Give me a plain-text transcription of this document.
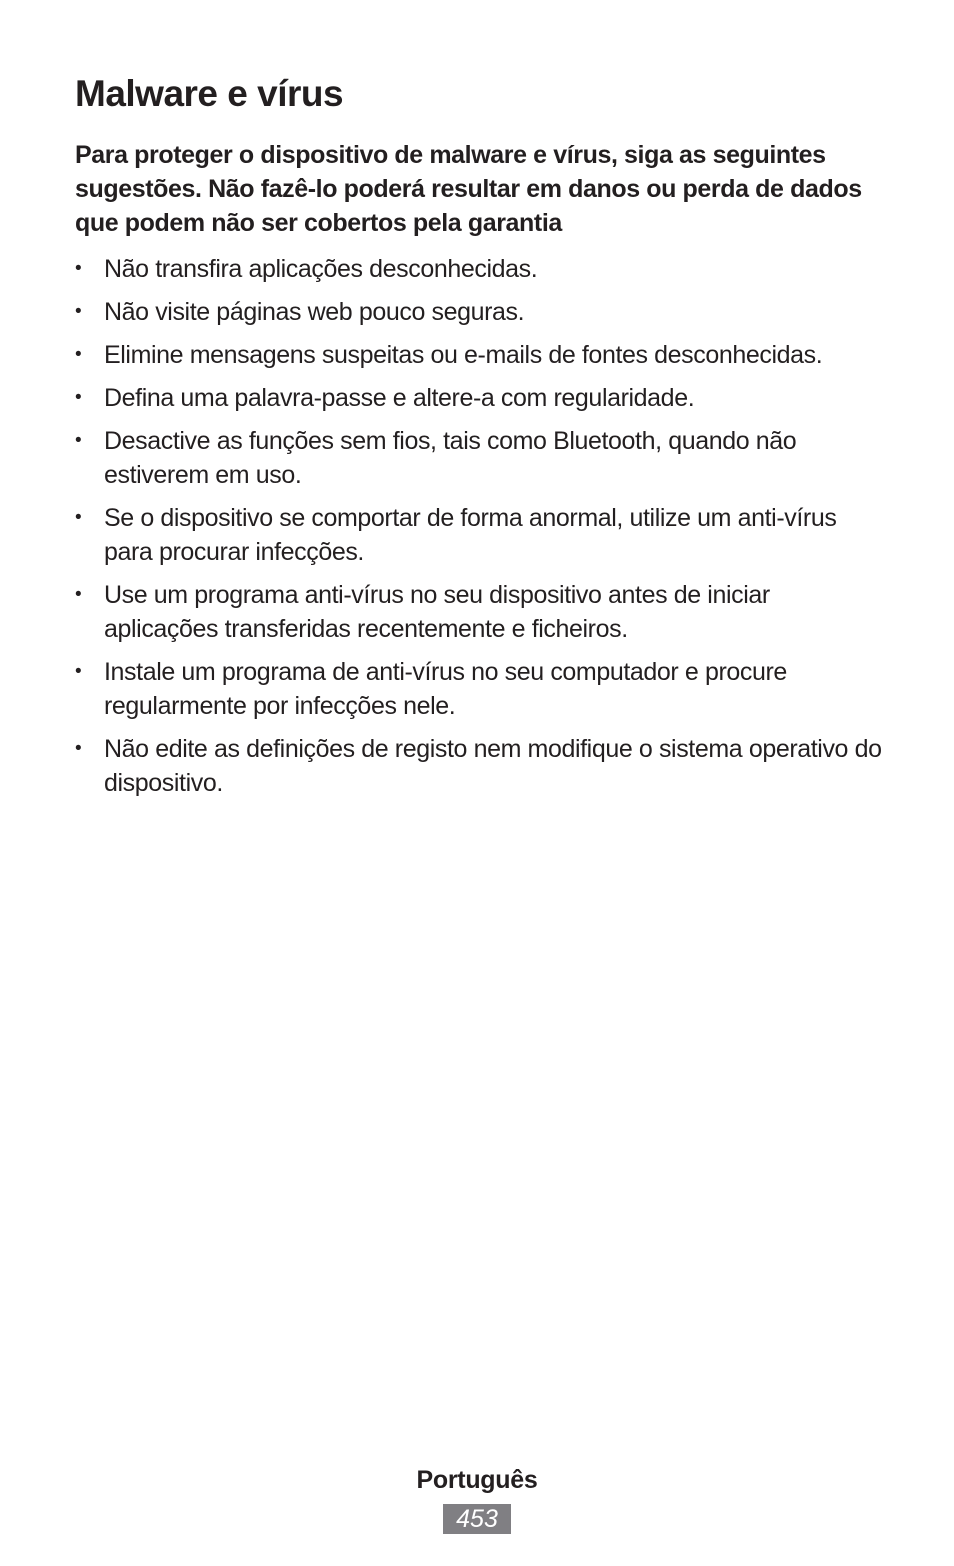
Malware e vírus

Para proteger o dispositivo de malware e vírus, siga as seguintes sugestões. Não fazê-lo poderá resultar em danos ou perda de dados que podem não ser cobertos pela garantia

• Não transfira aplicações desconhecidas.
• Não visite páginas web pouco seguras.
• Elimine mensagens suspeitas ou e-mails de fontes desconhecidas.
• Defina uma palavra-passe e altere-a com regularidade.
• Desactive as funções sem fios, tais como Bluetooth, quando não estiverem em uso.
• Se o dispositivo se comportar de forma anormal, utilize um anti-vírus para procurar infecções.
• Use um programa anti-vírus no seu dispositivo antes de iniciar aplicações transferidas recentemente e ficheiros.
• Instale um programa de anti-vírus no seu computador e procure regularmente por infecções nele.
• Não edite as definições de registo nem modifique o sistema operativo do dispositivo.
Português
453
